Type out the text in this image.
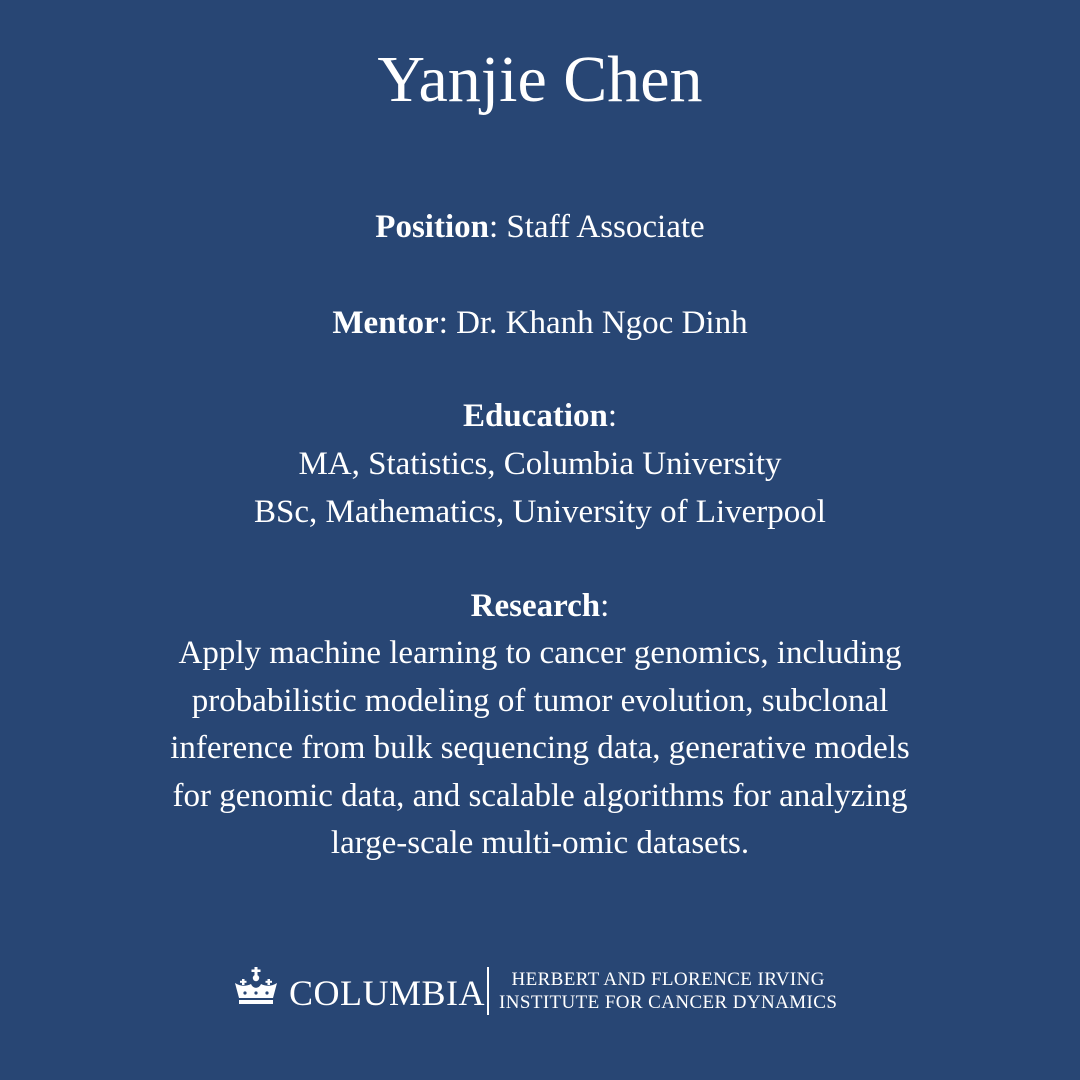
Yanjie Chen
Position: Staff Associate
Mentor: Dr. Khanh Ngoc Dinh
Education:
MA, Statistics, Columbia University
BSc, Mathematics, University of Liverpool
Research:
Apply machine learning to cancer genomics, including
probabilistic modeling of tumor evolution, subclonal
inference from bulk sequencing data, generative models
for genomic data, and scalable algorithms for analyzing
large-scale multi-omic datasets.
COLUMBIA	HERBERT AND FLORENCE IRVING
INSTITUTE FOR CANCER DYNAMICS
